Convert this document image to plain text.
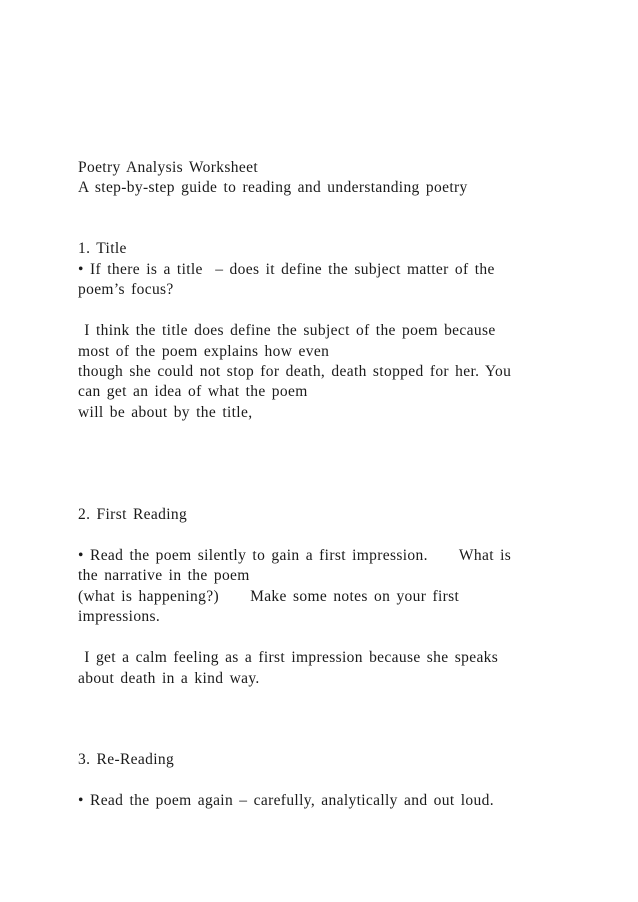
Poetry Analysis Worksheet

A step-by-step guide to reading and understanding poetry

1. Title

• If there is a title  – does it define the subject matter of the

poem’s focus?

I think the title does define the subject of the poem because

most of the poem explains how even

though she could not stop for death, death stopped for her. You

can get an idea of what the poem

will be about by the title,

2. First Reading

• Read the poem silently to gain a first impression.    What is

the narrative in the poem

(what is happening?)    Make some notes on your first

impressions.

I get a calm feeling as a first impression because she speaks

about death in a kind way.

3. Re-Reading

• Read the poem again – carefully, analytically and out loud.
